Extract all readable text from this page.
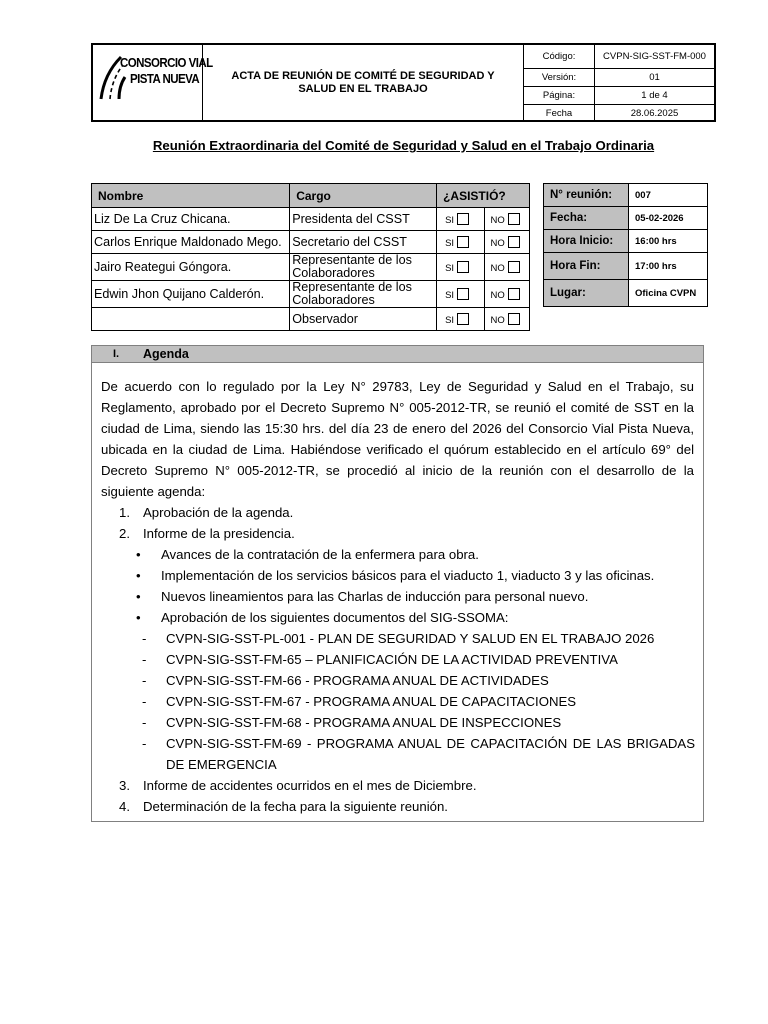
CONSORCIO VIAL
PISTA NUEVA	ACTA DE REUNIÓN DE COMITÉ DE SEGURIDAD Y SALUD EN EL TRABAJO
Código:	CVPN-SIG-SST-FM-000
Versión:	01
Página:	1 de 4
Fecha	28.06.2025
Reunión Extraordinaria del Comité de Seguridad y Salud en el Trabajo Ordinaria
Nombre	Cargo	¿ASISTIÓ?	
Liz De La Cruz Chicana.	Presidenta del CSST	SI	NO
Carlos Enrique Maldonado Mego.	Secretario del CSST	SI	NO
Jairo Reategui Góngora.	Representante de los Colaboradores	SI	NO
Edwin Jhon Quijano Calderón.	Representante de los Colaboradores	SI	NO
	Observador	SI	NO
N° reunión:	007
Fecha:	05-02-2026
Hora Inicio:	16:00 hrs
Hora Fin:	17:00 hrs
Lugar:	Oficina CVPN
I. Agenda
De acuerdo con lo regulado por la Ley N° 29783, Ley de Seguridad y Salud en el Trabajo, su Reglamento, aprobado por el Decreto Supremo N° 005-2012-TR, se reunió el comité de SST en la ciudad de Lima, siendo las 15:30 hrs. del día 23 de enero del 2026 del Consorcio Vial Pista Nueva, ubicada en la ciudad de Lima. Habiéndose verificado el quórum establecido en el artículo 69° del Decreto Supremo N° 005-2012-TR, se procedió al inicio de la reunión con el desarrollo de la siguiente agenda:
1. Aprobación de la agenda.
2. Informe de la presidencia.
• Avances de la contratación de la enfermera para obra.
• Implementación de los servicios básicos para el viaducto 1, viaducto 3 y las oficinas.
• Nuevos lineamientos para las Charlas de inducción para personal nuevo.
• Aprobación de los siguientes documentos del SIG-SSOMA:
- CVPN-SIG-SST-PL-001 - PLAN DE SEGURIDAD Y SALUD EN EL TRABAJO 2026
- CVPN-SIG-SST-FM-65 – PLANIFICACIÓN DE LA ACTIVIDAD PREVENTIVA
- CVPN-SIG-SST-FM-66 - PROGRAMA ANUAL DE ACTIVIDADES
- CVPN-SIG-SST-FM-67 - PROGRAMA ANUAL DE CAPACITACIONES
- CVPN-SIG-SST-FM-68 - PROGRAMA ANUAL DE INSPECCIONES
- CVPN-SIG-SST-FM-69 - PROGRAMA ANUAL DE CAPACITACIÓN DE LAS BRIGADAS DE EMERGENCIA
3. Informe de accidentes ocurridos en el mes de Diciembre.
4. Determinación de la fecha para la siguiente reunión.
